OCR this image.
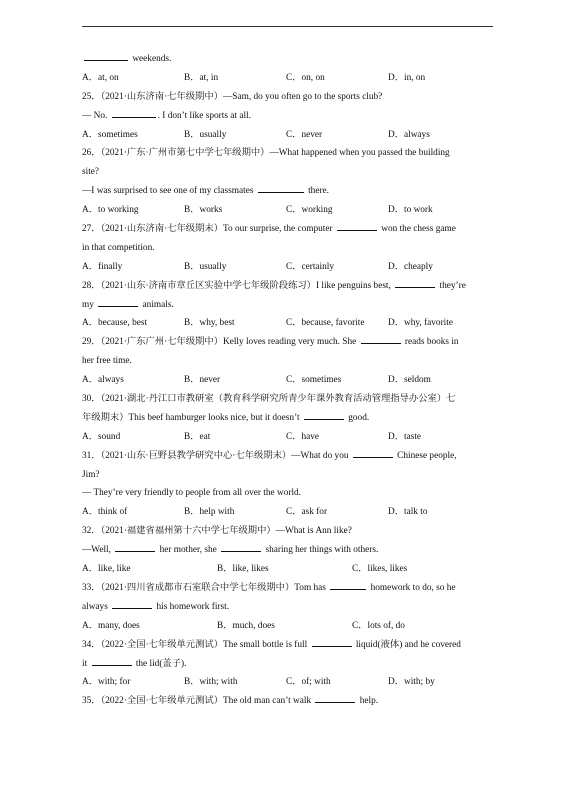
weekends.
A．at, on	B．at, in	C．on, on	D．in, on
25．（2021·山东济南·七年级期中）—Sam, do you often go to the sports club?
— No.	. I don’t like sports at all.
A．sometimes	B．usually	C．never	D．always
26．（2021·广东·广州市第七中学七年级期中）—What happened when you passed the building
site?
—I was surprised to see one of my classmates	there.
A．to working	B．works	C．working	D．to work
27．（2021·山东济南·七年级期末）To our surprise, the computer	won the chess game
in that competition.
A．finally	B．usually	C．certainly	D．cheaply
28．（2021·山东·济南市章丘区实验中学七年级阶段练习）I like penguins best,	they’re
my	animals.
A．because, best	B．why, best	C．because, favorite	D．why, favorite
29．（2021·广东广州·七年级期中）Kelly loves reading very much. She	reads books in
her free time.
A．always	B．never	C．sometimes	D．seldom
30．（2021·湖北·丹江口市教研室（教育科学研究所青少年课外教育活动管理指导办公室）七
年级期末）This beef hamburger looks nice, but it doesn’t	good.
A．sound	B．eat	C．have	D．taste
31．（2021·山东·巨野县教学研究中心·七年级期末）—What do you	Chinese people,
Jim?
— They’re very friendly to people from all over the world.
A．think of	B．help with	C．ask for	D．talk to
32．（2021·福建省福州第十六中学七年级期中）—What is Ann like?
—Well,	her mother, she	sharing her things with others.
A．like, like	B．like, likes	C．likes, likes
33．（2021·四川省成都市石室联合中学七年级期中）Tom has	homework to do, so he
always	his homework first.
A．many, does	B．much, does	C．lots of, do
34．（2022·全国·七年级单元测试）The small bottle is full	liquid(液体) and he covered
it	the lid(盖子).
A．with; for	B．with; with	C．of; with	D．with; by
35．（2022·全国·七年级单元测试）The old man can’t walk	help.
